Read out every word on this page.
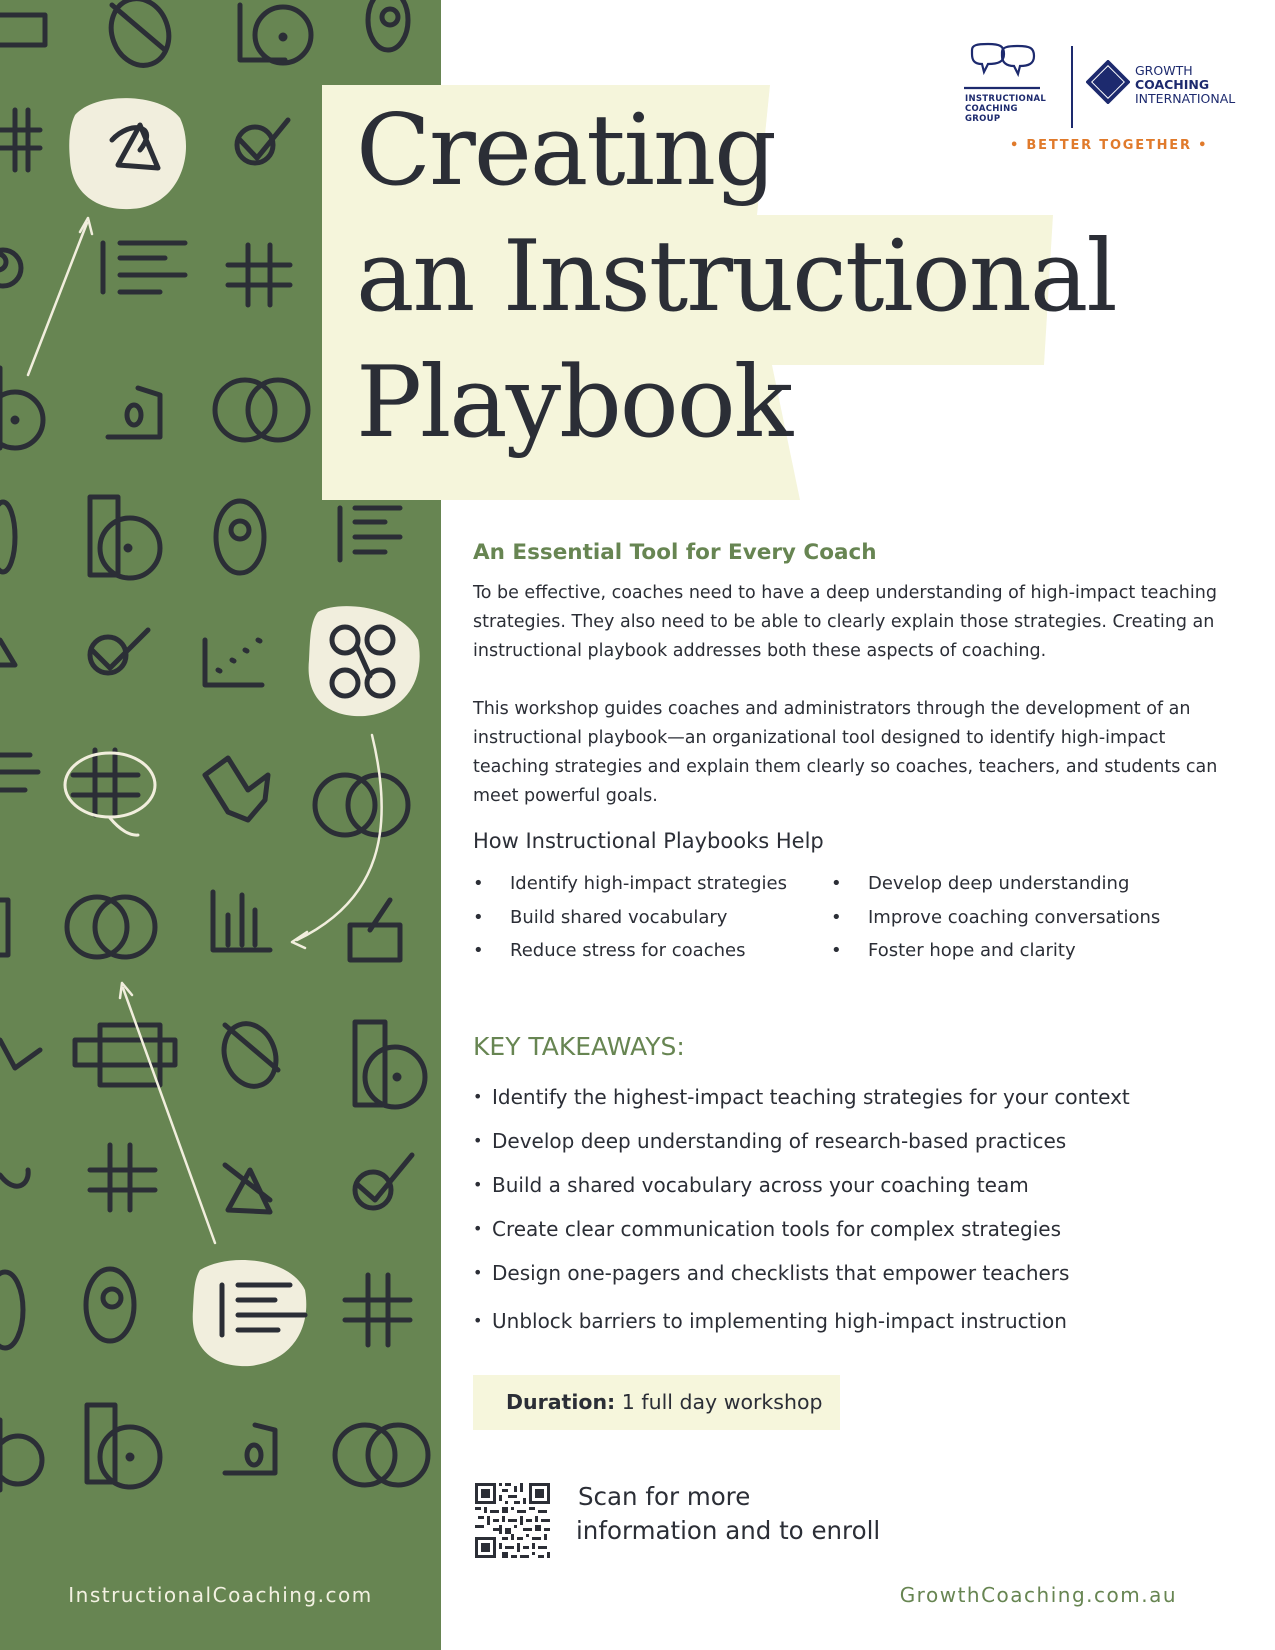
InstructionalCoaching.com
Creating
an Instructional
Playbook
INSTRUCTIONAL
COACHING
GROUP
GROWTH
COACHING
INTERNATIONAL
• BETTER TOGETHER •
An Essential Tool for Every Coach

To be effective, coaches need to have a deep understanding of high-impact teaching strategies. They also need to be able to clearly explain those strategies. Creating an instructional playbook addresses both these aspects of coaching.

This workshop guides coaches and administrators through the development of an instructional playbook—an organizational tool designed to identify high-impact teaching strategies and explain them clearly so coaches, teachers, and students can meet powerful goals.

How Instructional Playbooks Help
• Identify high-impact strategies
• Build shared vocabulary
• Reduce stress for coaches
• Develop deep understanding
• Improve coaching conversations
• Foster hope and clarity
KEY TAKEAWAYS:
• Identify the highest-impact teaching strategies for your context
• Develop deep understanding of research-based practices
• Build a shared vocabulary across your coaching team
• Create clear communication tools for complex strategies
• Design one-pagers and checklists that empower teachers
• Unblock barriers to implementing high-impact instruction
Duration: 1 full day workshop
Scan for more
information and to enroll
GrowthCoaching.com.au
